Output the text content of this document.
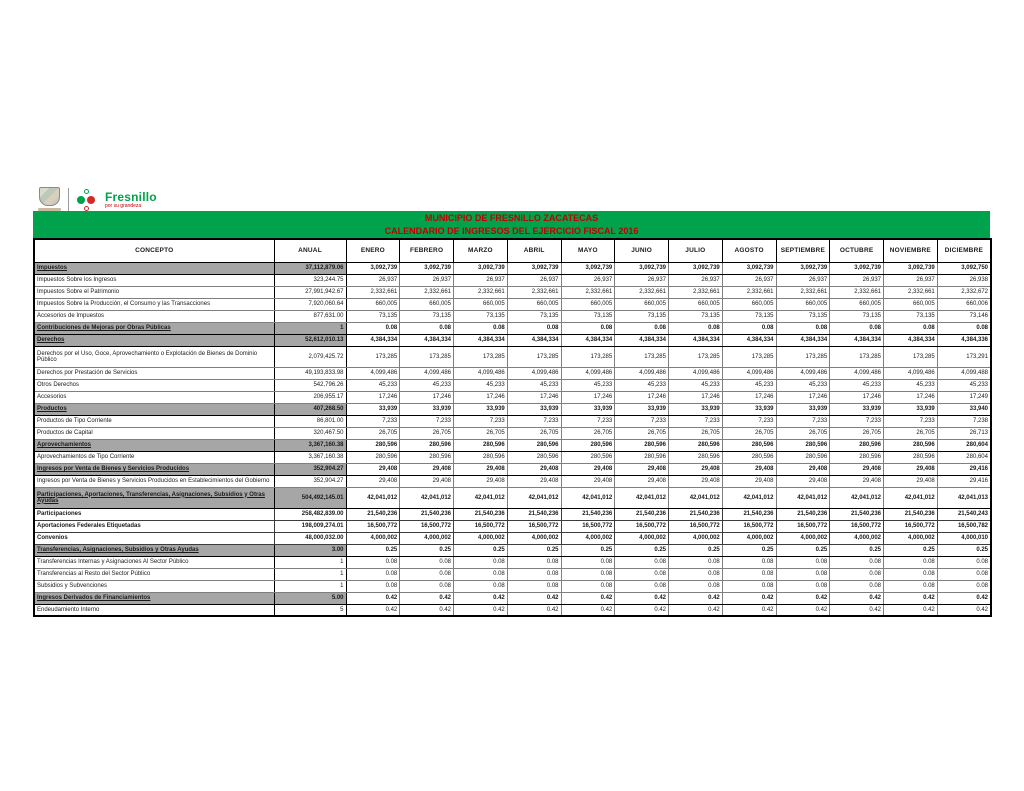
Fresnillo
por su grandeza
MUNICIPIO DE FRESNILLO ZACATECAS
CALENDARIO DE INGRESOS DEL EJERCICIO FISCAL 2016
CONCEPTO	ANUAL	ENERO	FEBRERO	MARZO	ABRIL	MAYO	JUNIO	JULIO	AGOSTO	SEPTIEMBRE	OCTUBRE	NOVIEMBRE	DICIEMBRE
Impuestos	37,112,879.06	3,092,739	3,092,739	3,092,739	3,092,739	3,092,739	3,092,739	3,092,739	3,092,739	3,092,739	3,092,739	3,092,739	3,092,750
Impuestos Sobre los Ingresos	323,244.75	26,937	26,937	26,937	26,937	26,937	26,937	26,937	26,937	26,937	26,937	26,937	26,938
Impuestos Sobre el Patrimonio	27,991,942.67	2,332,661	2,332,661	2,332,661	2,332,661	2,332,661	2,332,661	2,332,661	2,332,661	2,332,661	2,332,661	2,332,661	2,332,672
Impuestos Sobre la Producción, el Consumo y las Transacciones	7,920,060.64	660,005	660,005	660,005	660,005	660,005	660,005	660,005	660,005	660,005	660,005	660,005	660,006
Accesorios de Impuestos	877,631.00	73,135	73,135	73,135	73,135	73,135	73,135	73,135	73,135	73,135	73,135	73,135	73,146
Contribuciones de Mejoras por Obras Públicas	1	0.08	0.08	0.08	0.08	0.08	0.08	0.08	0.08	0.08	0.08	0.08	0.08
Derechos	52,612,010.13	4,384,334	4,384,334	4,384,334	4,384,334	4,384,334	4,384,334	4,384,334	4,384,334	4,384,334	4,384,334	4,384,334	4,384,336
Derechos por el Uso, Goce, Aprovechamiento o Explotación de Bienes de Dominio Público	2,079,425.72	173,285	173,285	173,285	173,285	173,285	173,285	173,285	173,285	173,285	173,285	173,285	173,291
Derechos por Prestación de Servicios	49,193,833.98	4,099,486	4,099,486	4,099,486	4,099,486	4,099,486	4,099,486	4,099,486	4,099,486	4,099,486	4,099,486	4,099,486	4,099,488
Otros Derechos	542,796.26	45,233	45,233	45,233	45,233	45,233	45,233	45,233	45,233	45,233	45,233	45,233	45,233
Accesorios	206,955.17	17,246	17,246	17,246	17,246	17,246	17,246	17,246	17,246	17,246	17,246	17,246	17,249
Productos	407,268.50	33,939	33,939	33,939	33,939	33,939	33,939	33,939	33,939	33,939	33,939	33,939	33,940
Productos de Tipo Corriente	86,801.00	7,233	7,233	7,233	7,233	7,233	7,233	7,233	7,233	7,233	7,233	7,233	7,238
Productos de Capital	320,467.50	26,705	26,705	26,705	26,705	26,705	26,705	26,705	26,705	26,705	26,705	26,705	26,713
Aprovechamientos	3,367,160.38	280,596	280,596	280,596	280,596	280,596	280,596	280,596	280,596	280,596	280,596	280,596	280,604
Aprovechamientos de Tipo Corriente	3,367,160.38	280,596	280,596	280,596	280,596	280,596	280,596	280,596	280,596	280,596	280,596	280,596	280,604
Ingresos por Venta de Bienes y Servicios Producidos	352,904.27	29,408	29,408	29,408	29,408	29,408	29,408	29,408	29,408	29,408	29,408	29,408	29,416
Ingresos por Venta de Bienes y Servicios Producidos en Establecimientos del Gobierno	352,904.27	29,408	29,408	29,408	29,408	29,408	29,408	29,408	29,408	29,408	29,408	29,408	29,416
Participaciones, Aportaciones, Transferencias, Asignaciones, Subsidios y Otras Ayudas	504,492,145.01	42,041,012	42,041,012	42,041,012	42,041,012	42,041,012	42,041,012	42,041,012	42,041,012	42,041,012	42,041,012	42,041,012	42,041,013
Participaciones	258,482,839.00	21,540,236	21,540,236	21,540,236	21,540,236	21,540,236	21,540,236	21,540,236	21,540,236	21,540,236	21,540,236	21,540,236	21,540,243
Aportaciones Federales Etiquetadas	198,009,274.01	16,500,772	16,500,772	16,500,772	16,500,772	16,500,772	16,500,772	16,500,772	16,500,772	16,500,772	16,500,772	16,500,772	16,500,782
Convenios	48,000,032.00	4,000,002	4,000,002	4,000,002	4,000,002	4,000,002	4,000,002	4,000,002	4,000,002	4,000,002	4,000,002	4,000,002	4,000,010
Transferencias, Asignaciones, Subsidios y Otras Ayudas	3.00	0.25	0.25	0.25	0.25	0.25	0.25	0.25	0.25	0.25	0.25	0.25	0.25
Transferencias Internas y Asignaciones Al Sector Público	1	0.08	0.08	0.08	0.08	0.08	0.08	0.08	0.08	0.08	0.08	0.08	0.08
Transferencias al Resto del Sector Público	1	0.08	0.08	0.08	0.08	0.08	0.08	0.08	0.08	0.08	0.08	0.08	0.08
Subsidios y Subvenciones	1	0.08	0.08	0.08	0.08	0.08	0.08	0.08	0.08	0.08	0.08	0.08	0.08
Ingresos Derivados de Financiamientos	5.00	0.42	0.42	0.42	0.42	0.42	0.42	0.42	0.42	0.42	0.42	0.42	0.42
Endeudamiento Interno	5	0.42	0.42	0.42	0.42	0.42	0.42	0.42	0.42	0.42	0.42	0.42	0.42
